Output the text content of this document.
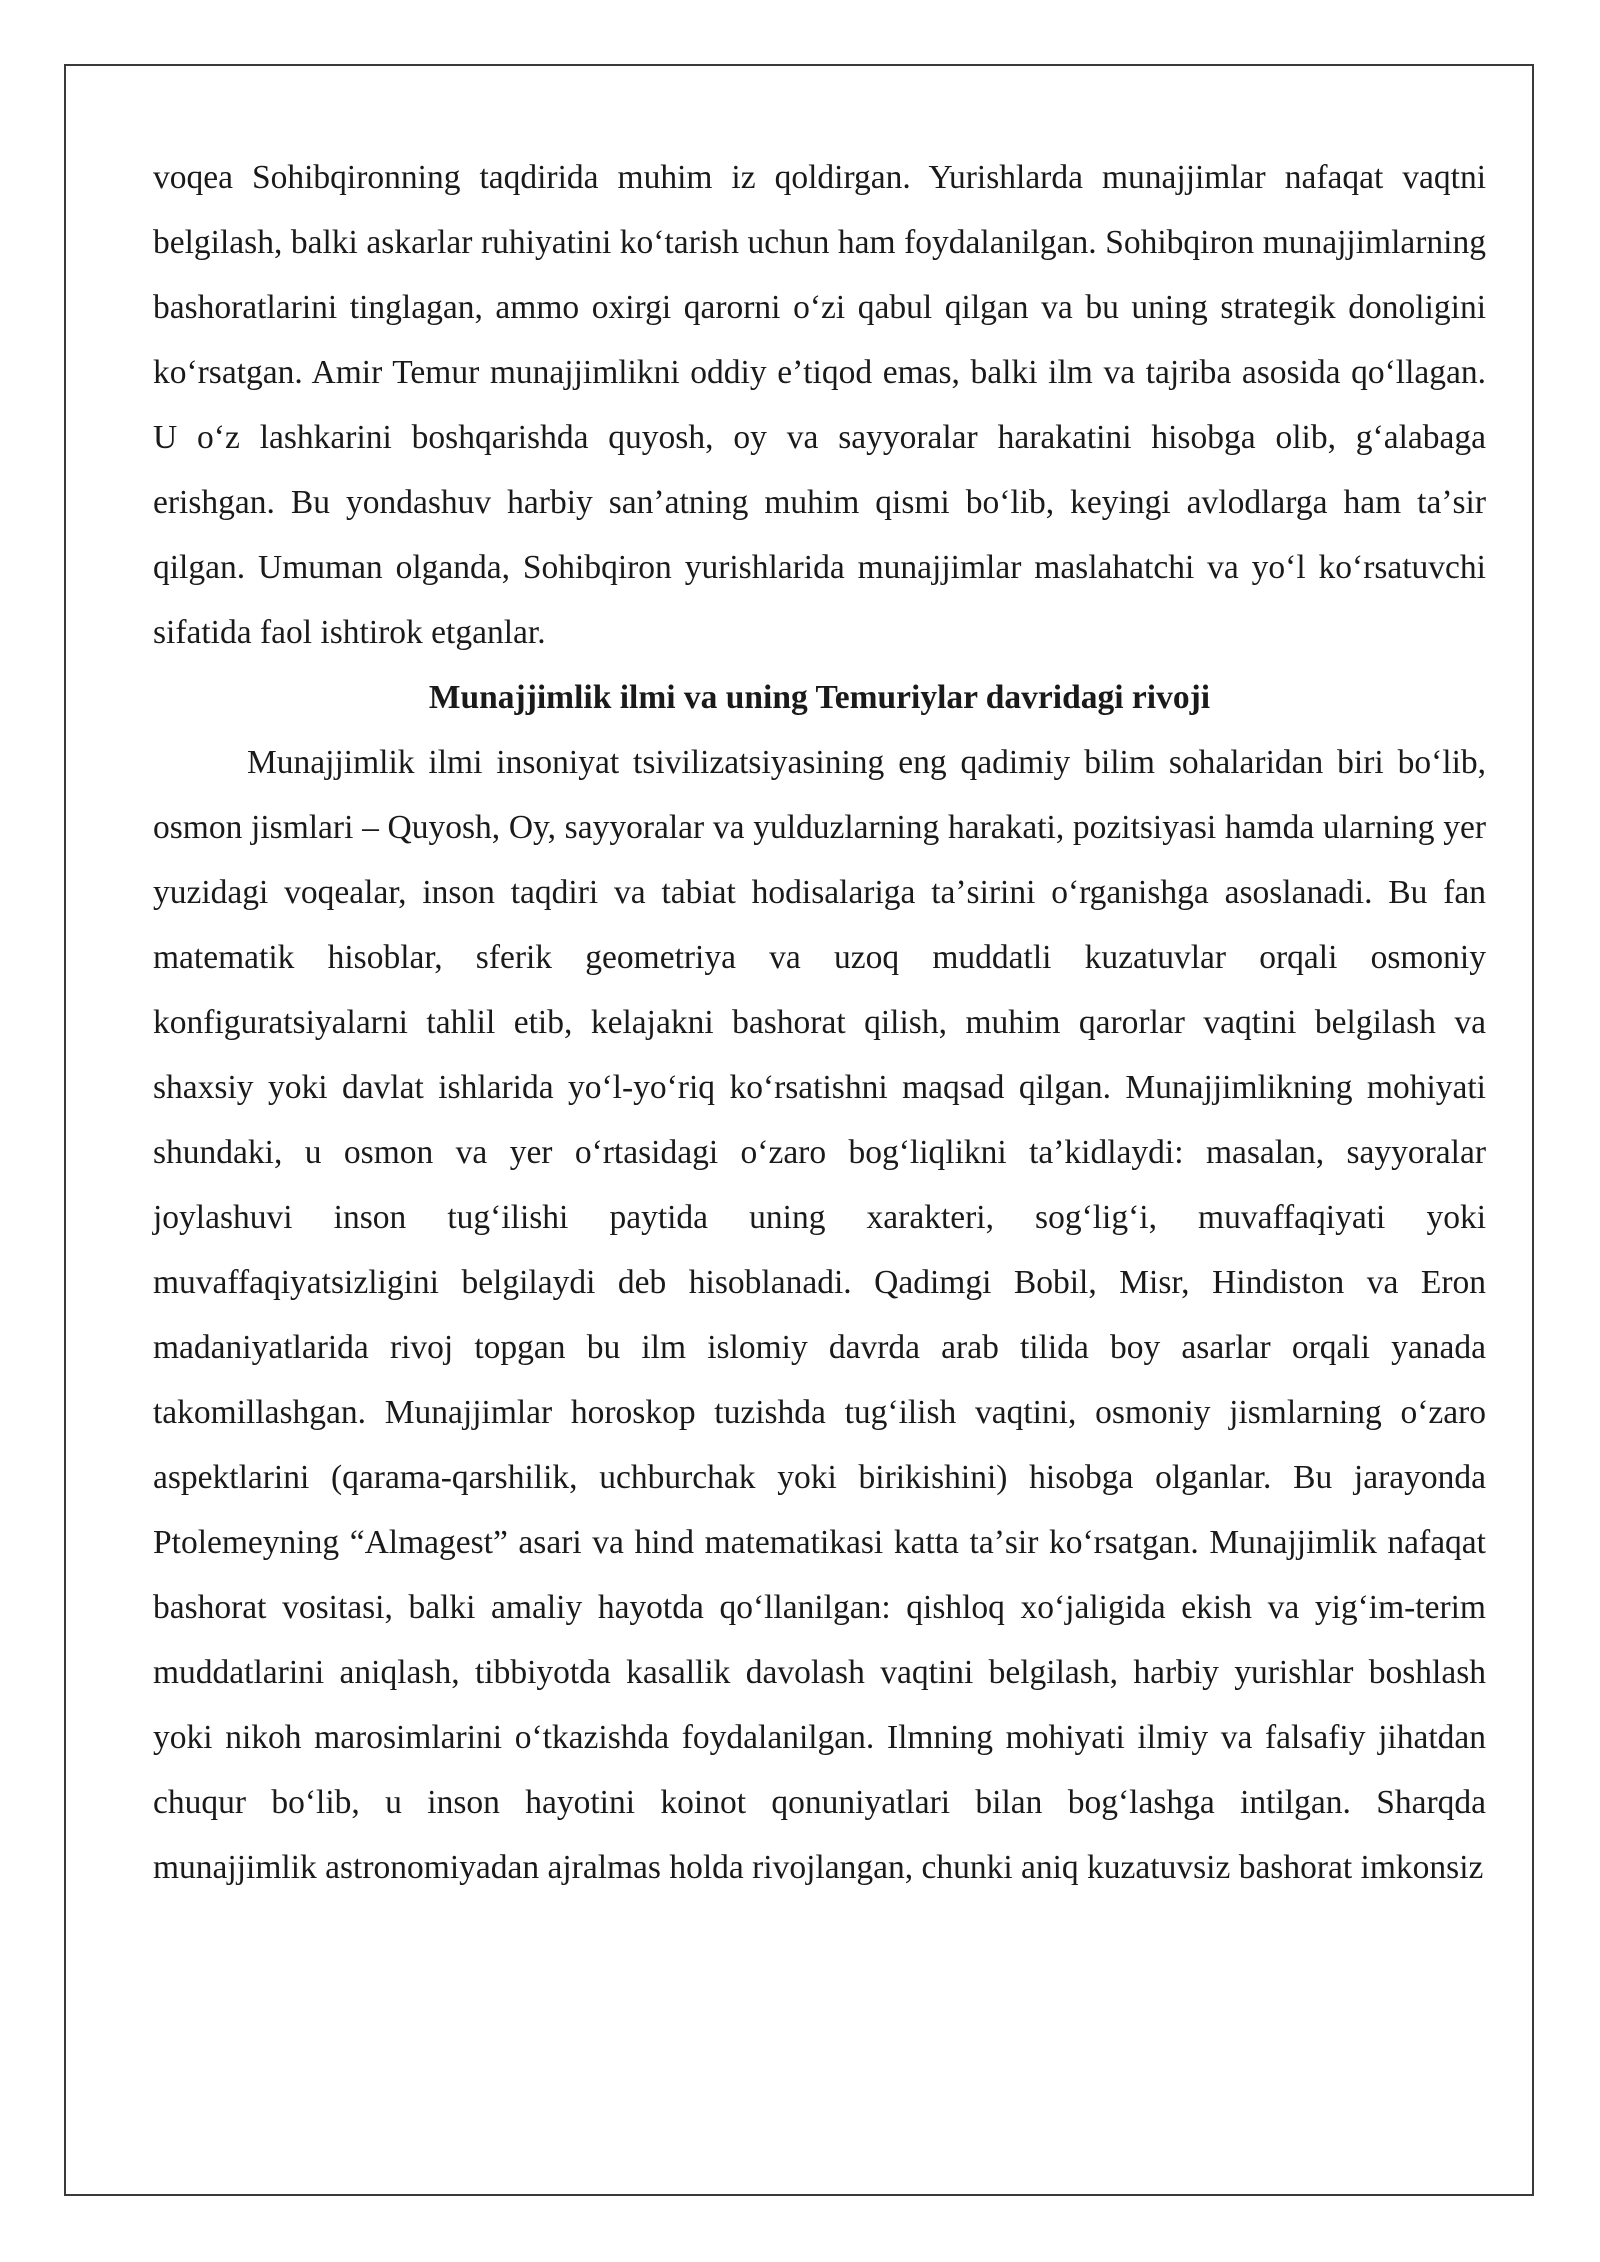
voqea Sohibqironning taqdirida muhim iz qoldirgan. Yurishlarda munajjimlar nafaqat vaqtni belgilash, balki askarlar ruhiyatini koʻtarish uchun ham foydalanilgan. Sohibqiron munajjimlarning bashoratlarini tinglagan, ammo oxirgi qarorni oʻzi qabul qilgan va bu uning strategik donoligini koʻrsatgan. Amir Temur munajjimlikni oddiy eʼtiqod emas, balki ilm va tajriba asosida qoʻllagan. U oʻz lashkarini boshqarishda quyosh, oy va sayyoralar harakatini hisobga olib, gʻalabaga erishgan. Bu yondashuv harbiy sanʼatning muhim qismi boʻlib, keyingi avlodlarga ham taʼsir qilgan. Umuman olganda, Sohibqiron yurishlarida munajjimlar maslahatchi va yoʻl koʻrsatuvchi sifatida faol ishtirok etganlar.

Munajjimlik ilmi va uning Temuriylar davridagi rivoji

Munajjimlik ilmi insoniyat tsivilizatsiyasining eng qadimiy bilim sohalaridan biri boʻlib, osmon jismlari – Quyosh, Oy, sayyoralar va yulduzlarning harakati, pozitsiyasi hamda ularning yer yuzidagi voqealar, inson taqdiri va tabiat hodisalariga taʼsirini oʻrganishga asoslanadi. Bu fan matematik hisoblar, sferik geometriya va uzoq muddatli kuzatuvlar orqali osmoniy konfiguratsiyalarni tahlil etib, kelajakni bashorat qilish, muhim qarorlar vaqtini belgilash va shaxsiy yoki davlat ishlarida yoʻl-yoʻriq koʻrsatishni maqsad qilgan. Munajjimlikning mohiyati shundaki, u osmon va yer oʻrtasidagi oʻzaro bogʻliqlikni taʼkidlaydi: masalan, sayyoralar joylashuvi inson tugʻilishi paytida uning xarakteri, sogʻligʻi, muvaffaqiyati yoki muvaffaqiyatsizligini belgilaydi deb hisoblanadi. Qadimgi Bobil, Misr, Hindiston va Eron madaniyatlarida rivoj topgan bu ilm islomiy davrda arab tilida boy asarlar orqali yanada takomillashgan. Munajjimlar horoskop tuzishda tugʻilish vaqtini, osmoniy jismlarning oʻzaro aspektlarini (qarama-qarshilik, uchburchak yoki birikishini) hisobga olganlar. Bu jarayonda Ptolemeyning “Almagest” asari va hind matematikasi katta taʼsir koʻrsatgan. Munajjimlik nafaqat bashorat vositasi, balki amaliy hayotda qoʻllanilgan: qishloq xoʻjaligida ekish va yigʻim-terim muddatlarini aniqlash, tibbiyotda kasallik davolash vaqtini belgilash, harbiy yurishlar boshlash yoki nikoh marosimlarini oʻtkazishda foydalanilgan. Ilmning mohiyati ilmiy va falsafiy jihatdan chuqur boʻlib, u inson hayotini koinot qonuniyatlari bilan bogʻlashga intilgan. Sharqda munajjimlik astronomiyadan ajralmas holda rivojlangan, chunki aniq kuzatuvsiz bashorat imkonsiz
